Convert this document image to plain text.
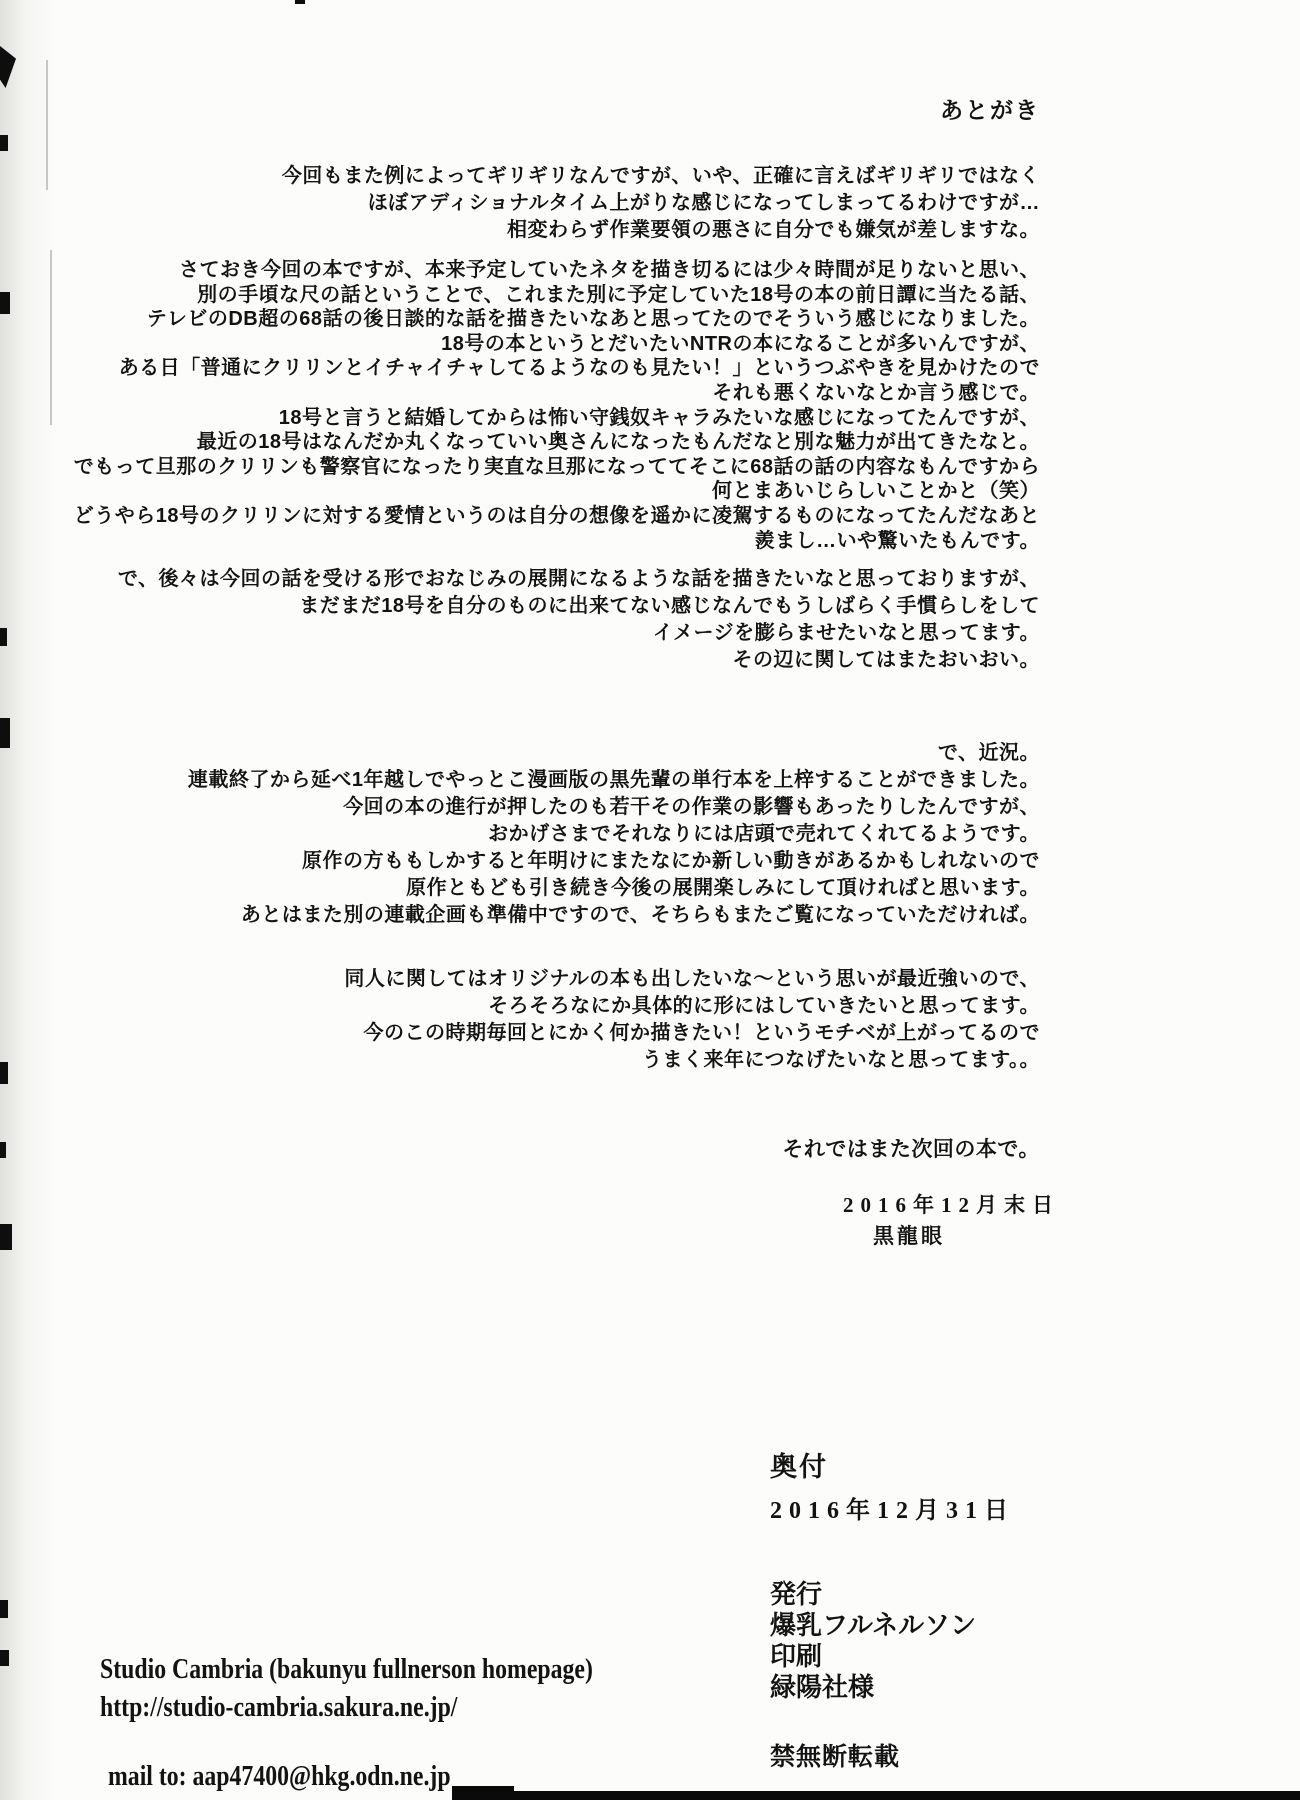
あとがき
今回もまた例によってギリギリなんですが、いや、正確に言えばギリギリではなく
ほぼアディショナルタイム上がりな感じになってしまってるわけですが…
相変わらず作業要領の悪さに自分でも嫌気が差しますな。
さておき今回の本ですが、本来予定していたネタを描き切るには少々時間が足りないと思い、
別の手頃な尺の話ということで、これまた別に予定していた18号の本の前日譚に当たる話、
テレビのDB超の68話の後日談的な話を描きたいなあと思ってたのでそういう感じになりました。
18号の本というとだいたいNTRの本になることが多いんですが、
ある日「普通にクリリンとイチャイチャしてるようなのも見たい！」というつぶやきを見かけたので
それも悪くないなとか言う感じで。
18号と言うと結婚してからは怖い守銭奴キャラみたいな感じになってたんですが、
最近の18号はなんだか丸くなっていい奥さんになったもんだなと別な魅力が出てきたなと。
でもって旦那のクリリンも警察官になったり実直な旦那になっててそこに68話の話の内容なもんですから
何とまあいじらしいことかと（笑）
どうやら18号のクリリンに対する愛情というのは自分の想像を遥かに凌駕するものになってたんだなあと
羨まし…いや驚いたもんです。
で、後々は今回の話を受ける形でおなじみの展開になるような話を描きたいなと思っておりますが、
まだまだ18号を自分のものに出来てない感じなんでもうしばらく手慣らしをして
イメージを膨らませたいなと思ってます。
その辺に関してはまたおいおい。
で、近況。
連載終了から延べ1年越しでやっとこ漫画版の黒先輩の単行本を上梓することができました。
今回の本の進行が押したのも若干その作業の影響もあったりしたんですが、
おかげさまでそれなりには店頭で売れてくれてるようです。
原作の方ももしかすると年明けにまたなにか新しい動きがあるかもしれないので
原作ともども引き続き今後の展開楽しみにして頂ければと思います。
あとはまた別の連載企画も準備中ですので、そちらもまたご覧になっていただければ。
同人に関してはオリジナルの本も出したいな〜という思いが最近強いので、
そろそろなにか具体的に形にはしていきたいと思ってます。
今のこの時期毎回とにかく何か描きたい！というモチベが上がってるので
うまく来年につなげたいなと思ってます。。
それではまた次回の本で。
2016年12月末日
黒龍眼
奥付
2016年12月31日
発行
爆乳フルネルソン
印刷
緑陽社様
禁無断転載
Studio Cambria (bakunyu fullnerson homepage)
http://studio-cambria.sakura.ne.jp/
mail to: aap47400@hkg.odn.ne.jp
